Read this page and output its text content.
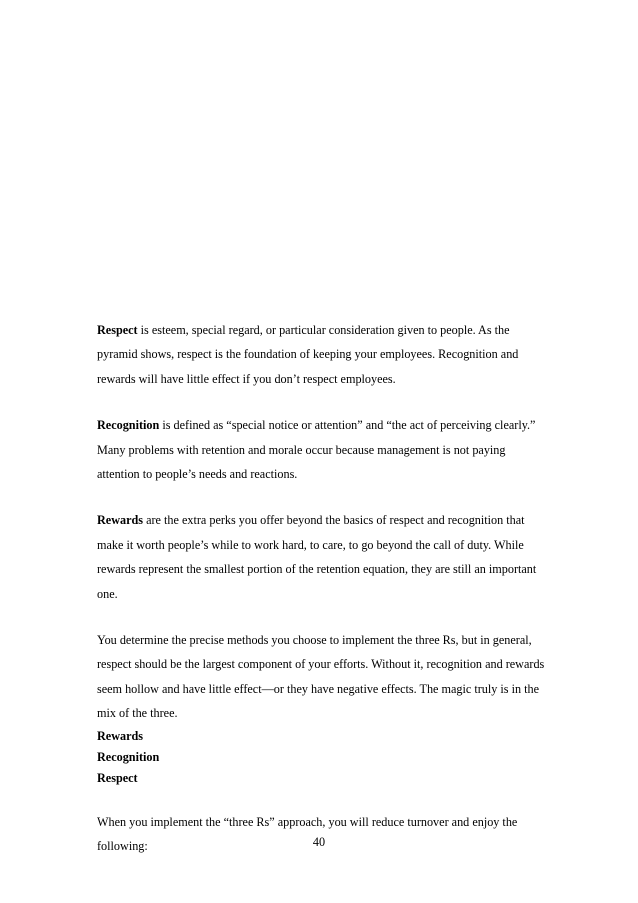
Respect is esteem, special regard, or particular consideration given to people. As the pyramid shows, respect is the foundation of keeping your employees. Recognition and rewards will have little effect if you don’t respect employees.

Recognition is defined as “special notice or attention” and “the act of perceiving clearly.” Many problems with retention and morale occur because management is not paying attention to people’s needs and reactions.

Rewards are the extra perks you offer beyond the basics of respect and recognition that make it worth people’s while to work hard, to care, to go beyond the call of duty. While rewards represent the smallest portion of the retention equation, they are still an important one.

You determine the precise methods you choose to implement the three Rs, but in general, respect should be the largest component of your efforts. Without it, recognition and rewards seem hollow and have little effect—or they have negative effects. The magic truly is in the mix of the three.

Rewards

Recognition

Respect

When you implement the “three Rs” approach, you will reduce turnover and enjoy the following:	40
